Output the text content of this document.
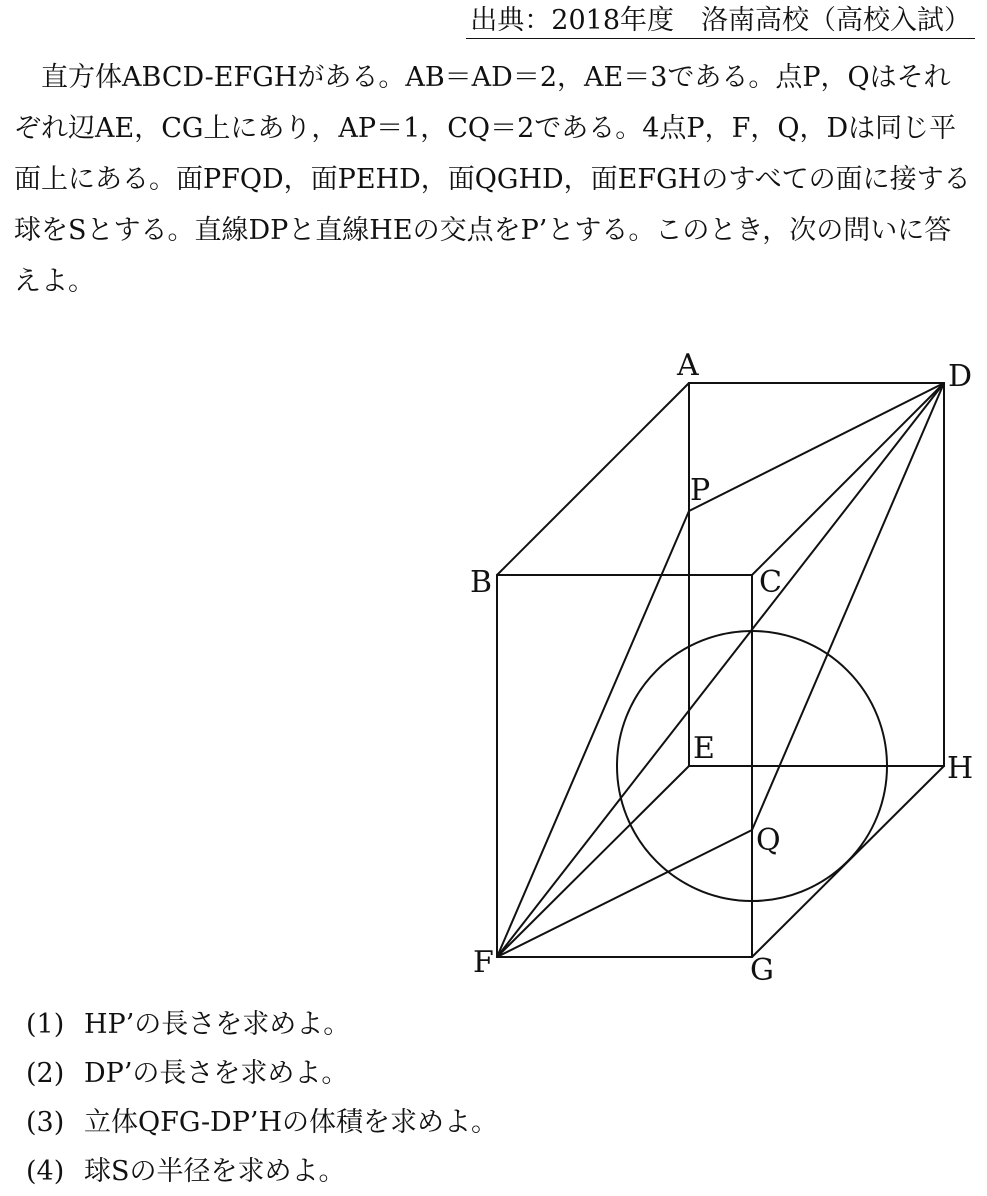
出典：2018年度　洛南高校（高校入試）

直方体ABCD-EFGHがある。AB＝AD＝2，AE＝3である。点P，Qはそれぞれ辺AE，CG上にあり，AP＝1，CQ＝2である。4点P，F，Q，Dは同じ平面上にある。面PFQD，面PEHD，面QGHD，面EFGHのすべての面に接する球をSとする。直線DPと直線HEの交点をP’とする。このとき，次の問いに答えよ。

A	D
P
B	C
E
H
Q
F	G
(1) HP’の長さを求めよ。
(2) DP’の長さを求めよ。
(3) 立体QFG-DP’Hの体積を求めよ。
(4) 球Sの半径を求めよ。
